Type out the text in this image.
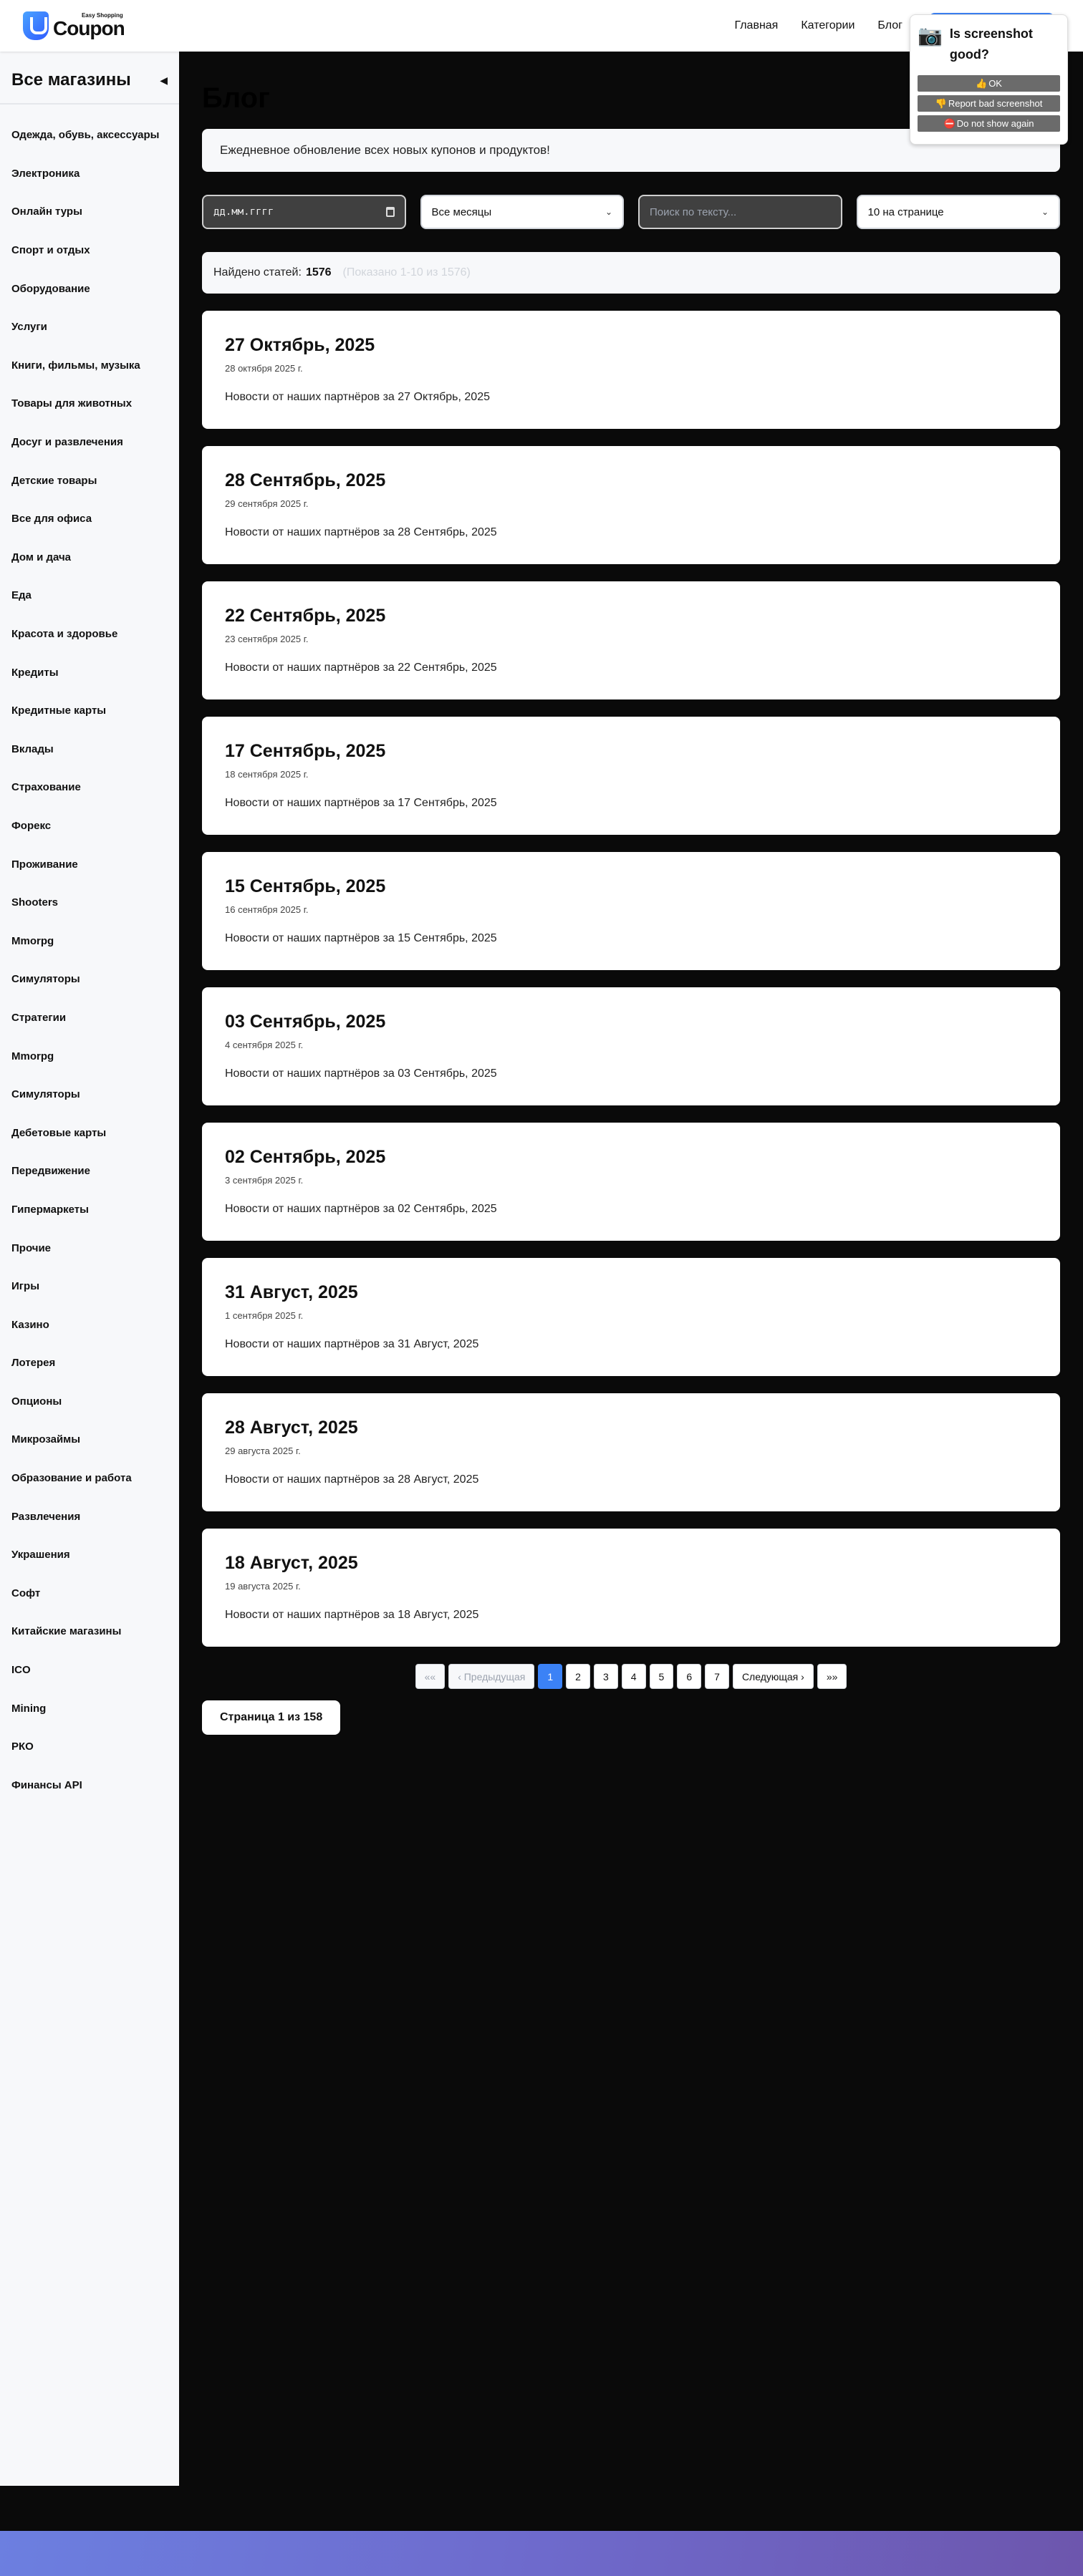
Easy Shopping
Coupon	Главная Категории Блог
Все магазины	◀
Одежда, обувь, аксессуары
Электроника
Онлайн туры
Спорт и отдых
Оборудование
Услуги
Книги, фильмы, музыка
Товары для животных
Досуг и развлечения
Детские товары
Все для офиса
Дом и дача
Еда
Красота и здоровье
Кредиты
Кредитные карты
Вклады
Страхование
Форекс
Проживание
Shooters
Mmorpg
Симуляторы
Стратегии
Mmorpg
Симуляторы
Дебетовые карты
Передвижение
Гипермаркеты
Прочие
Игры
Казино
Лотерея
Опционы
Микрозаймы
Образование и работа
Развлечения
Украшения
Софт
Китайские магазины
ICO
Mining
РКО
Финансы API
Блог
Ежедневное обновление всех новых купонов и продуктов!
дд.мм.гггг	Все месяцы	⌄	Поиск по тексту...	10 на странице	⌄
Найдено статей: 1576 (Показано 1-10 из 1576)
27 Октябрь, 2025
28 октября 2025 г.

Новости от наших партнёров за 27 Октябрь, 2025

28 Сентябрь, 2025
29 сентября 2025 г.

Новости от наших партнёров за 28 Сентябрь, 2025

22 Сентябрь, 2025
23 сентября 2025 г.

Новости от наших партнёров за 22 Сентябрь, 2025

17 Сентябрь, 2025
18 сентября 2025 г.

Новости от наших партнёров за 17 Сентябрь, 2025

15 Сентябрь, 2025
16 сентября 2025 г.

Новости от наших партнёров за 15 Сентябрь, 2025

03 Сентябрь, 2025
4 сентября 2025 г.

Новости от наших партнёров за 03 Сентябрь, 2025

02 Сентябрь, 2025
3 сентября 2025 г.

Новости от наших партнёров за 02 Сентябрь, 2025

31 Август, 2025
1 сентября 2025 г.

Новости от наших партнёров за 31 Август, 2025

28 Август, 2025
29 августа 2025 г.

Новости от наших партнёров за 28 Август, 2025

18 Август, 2025
19 августа 2025 г.

Новости от наших партнёров за 18 Август, 2025

««	‹ Предыдущая	1	2	3	4	5	6	7	Следующая ›	»»
Страница 1 из 158
📷 Is screenshot good?
👍 OK
👎 Report bad screenshot
⛔ Do not show again
